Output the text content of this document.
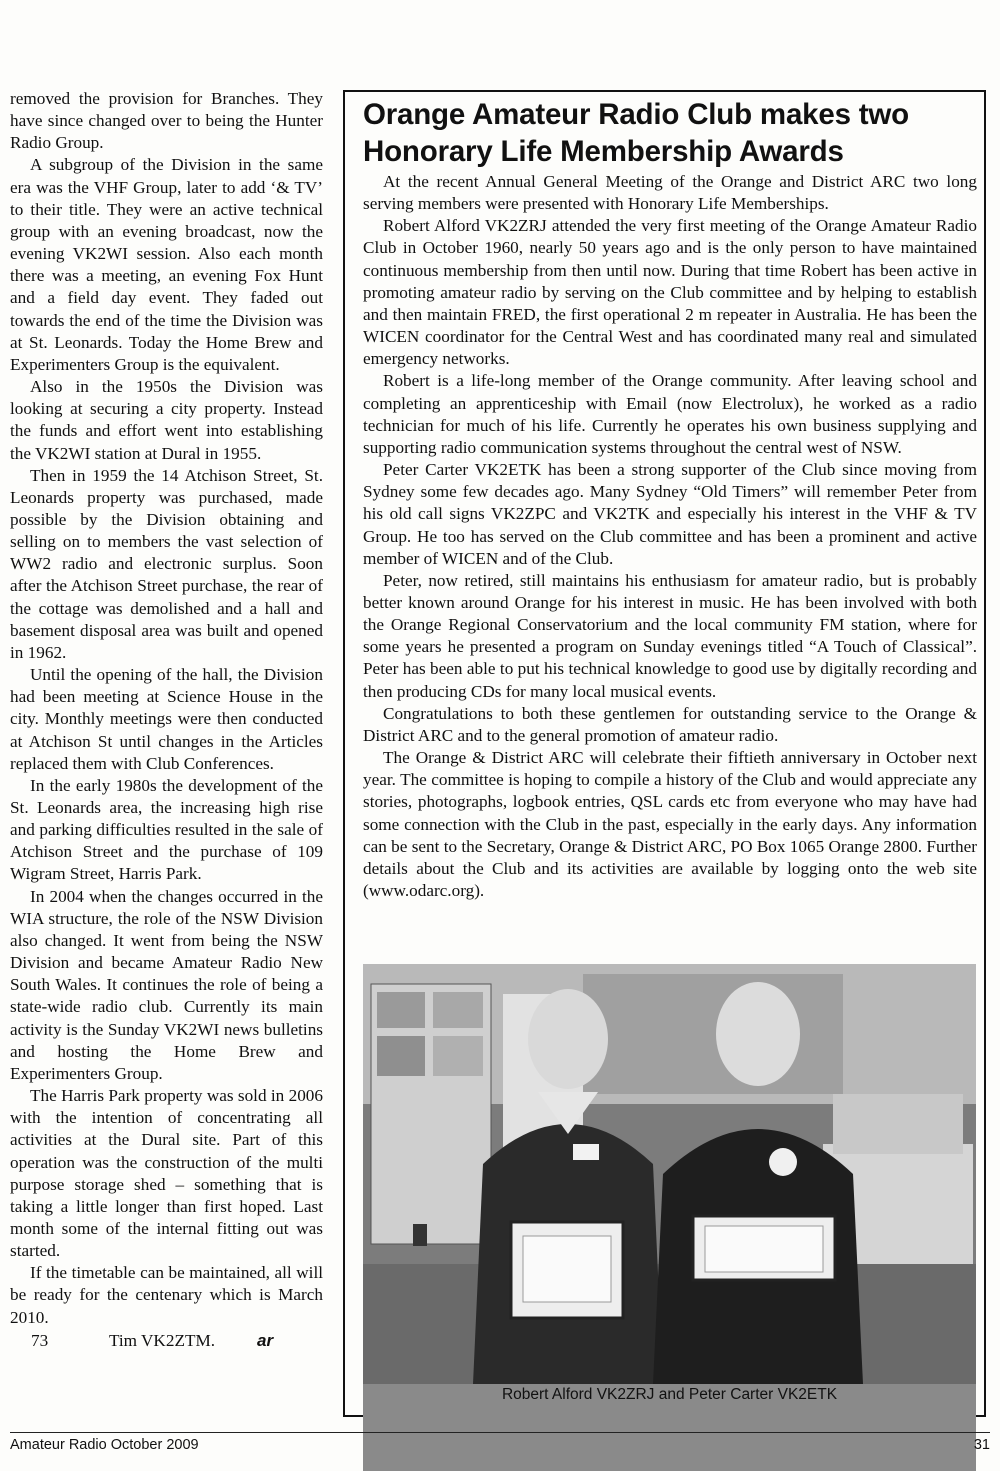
removed the provision for Branches. They have since changed over to being the Hunter Radio Group.

A subgroup of the Division in the same era was the VHF Group, later to add ‘& TV’ to their title. They were an active technical group with an evening broadcast, now the evening VK2WI session. Also each month there was a meeting, an evening Fox Hunt and a field day event. They faded out towards the end of the time the Division was at St. Leonards. Today the Home Brew and Experimenters Group is the equivalent.

Also in the 1950s the Division was looking at securing a city property. Instead the funds and effort went into establishing the VK2WI station at Dural in 1955.

Then in 1959 the 14 Atchison Street, St. Leonards property was purchased, made possible by the Division obtaining and selling on to members the vast selection of WW2 radio and electronic surplus. Soon after the Atchison Street purchase, the rear of the cottage was demolished and a hall and basement disposal area was built and opened in 1962.

Until the opening of the hall, the Division had been meeting at Science House in the city. Monthly meetings were then conducted at Atchison St until changes in the Articles replaced them with Club Conferences.

In the early 1980s the development of the St. Leonards area, the increasing high rise and parking difficulties resulted in the sale of Atchison Street and the purchase of 109 Wigram Street, Harris Park.

In 2004 when the changes occurred in the WIA structure, the role of the NSW Division also changed. It went from being the NSW Division and became Amateur Radio New South Wales. It continues the role of being a state-wide radio club. Currently its main activity is the Sunday VK2WI news bulletins and hosting the Home Brew and Experimenters Group.

The Harris Park property was sold in 2006 with the intention of concentrating all activities at the Dural site. Part of this operation was the construction of the multi purpose storage shed – something that is taking a little longer than first hoped. Last month some of the internal fitting out was started.

If the timetable can be maintained, all will be ready for the centenary which is March 2010.

73	Tim VK2ZTM.	ar
Orange Amateur Radio Club makes two Honorary Life Membership Awards

At the recent Annual General Meeting of the Orange and District ARC two long serving members were presented with Honorary Life Memberships.

Robert Alford VK2ZRJ attended the very first meeting of the Orange Amateur Radio Club in October 1960, nearly 50 years ago and is the only person to have maintained continuous membership from then until now. During that time Robert has been active in promoting amateur radio by serving on the Club committee and by helping to establish and then maintain FRED, the first operational 2 m repeater in Australia. He has been the WICEN coordinator for the Central West and has coordinated many real and simulated emergency networks.

Robert is a life-long member of the Orange community. After leaving school and completing an apprenticeship with Email (now Electrolux), he worked as a radio technician for much of his life. Currently he operates his own business supplying and supporting radio communication systems throughout the central west of NSW.

Peter Carter VK2ETK has been a strong supporter of the Club since moving from Sydney some few decades ago. Many Sydney “Old Timers” will remember Peter from his old call signs VK2ZPC and VK2TK and especially his interest in the VHF & TV Group. He too has served on the Club committee and has been a prominent and active member of WICEN and of the Club.

Peter, now retired, still maintains his enthusiasm for amateur radio, but is probably better known around Orange for his interest in music. He has been involved with both the Orange Regional Conservatorium and the local community FM station, where for some years he presented a program on Sunday evenings titled “A Touch of Classical”. Peter has been able to put his technical knowledge to good use by digitally recording and then producing CDs for many local musical events.

Congratulations to both these gentlemen for outstanding service to the Orange & District ARC and to the general promotion of amateur radio.

The Orange & District ARC will celebrate their fiftieth anniversary in October next year. The committee is hoping to compile a history of the Club and would appreciate any stories, photographs, logbook entries, QSL cards etc from everyone who may have had some connection with the Club in the past, especially in the early days. Any information can be sent to the Secretary, Orange & District ARC, PO Box 1065 Orange 2800. Further details about the Club and its activities are available by logging onto the web site (www.odarc.org).

Robert Alford VK2ZRJ and Peter Carter VK2ETK
Amateur Radio October 2009	31
